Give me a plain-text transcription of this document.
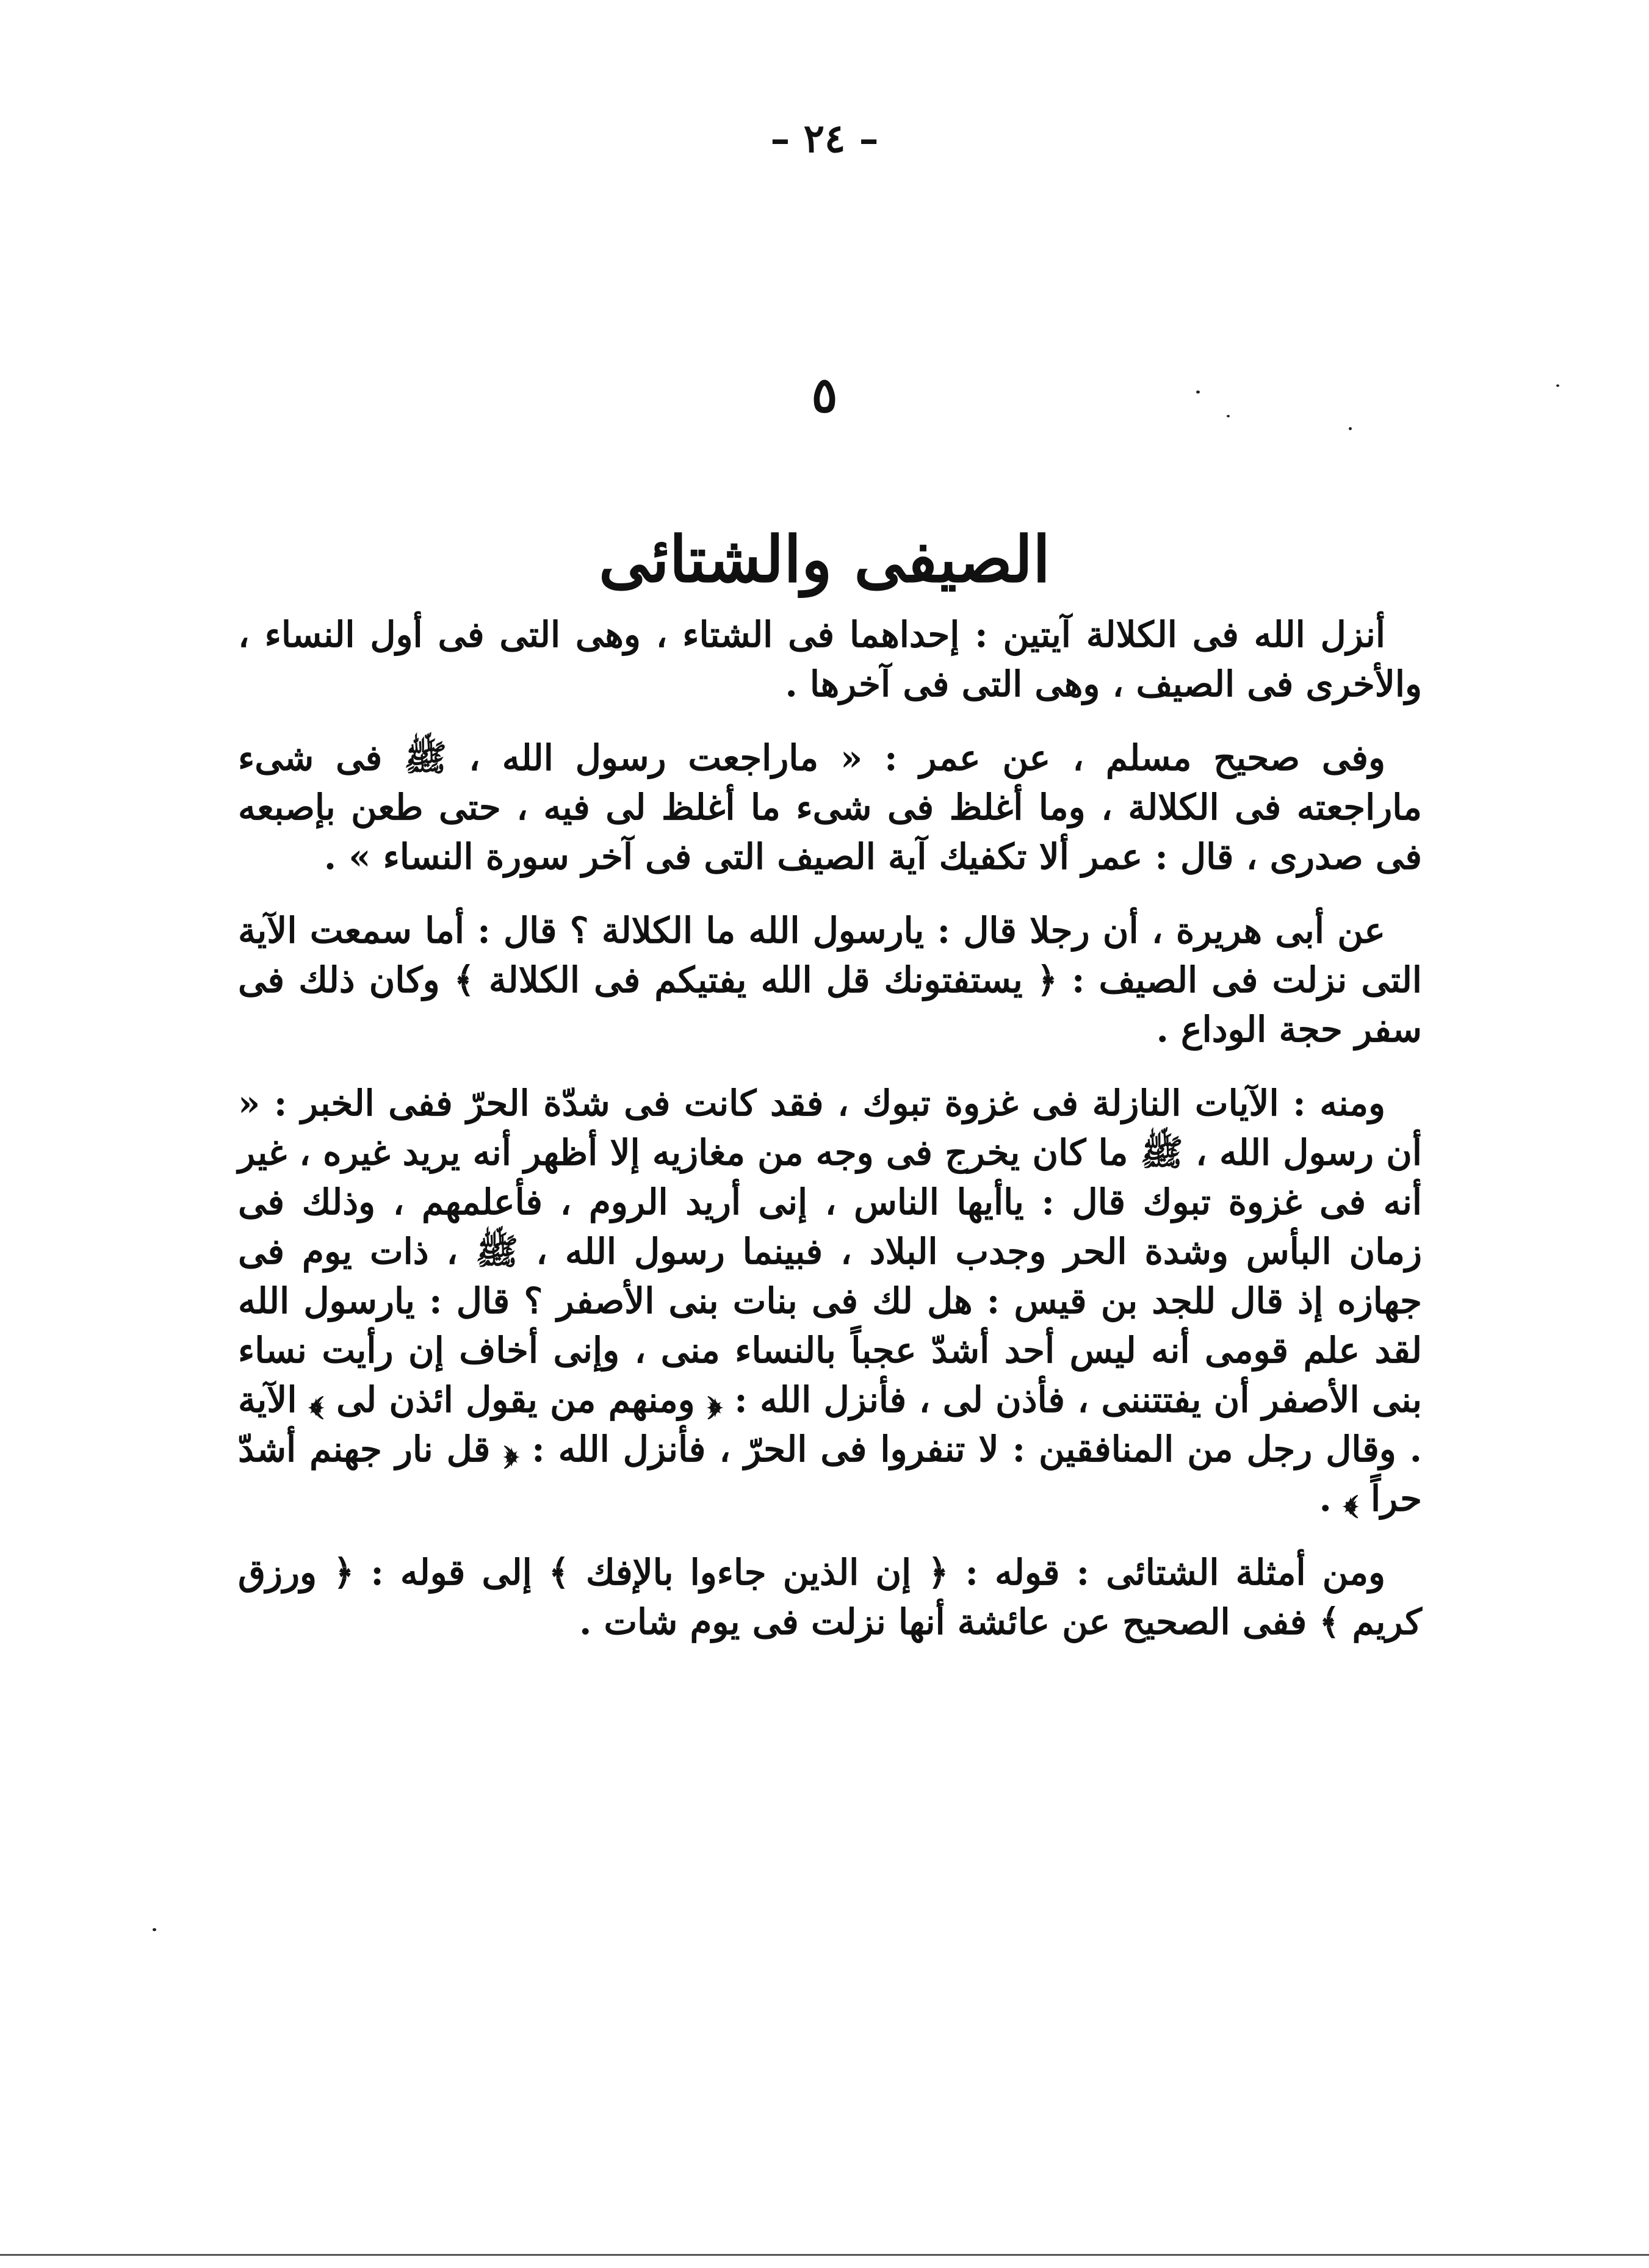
– ٢٤ –
٥
الصيفى والشتائى

أنزل الله فى الكلالة آيتين : إحداهما فى الشتاء ، وهى التى فى أول النساء ، والأخرى فى الصيف ، وهى التى فى آخرها .

وفى صحيح مسلم ، عن عمر : « ماراجعت رسول الله ، ﷺ فى شىء ماراجعته فى الكلالة ، وما أغلظ فى شىء ما أغلظ لى فيه ، حتى طعن بإصبعه فى صدرى ، قال : عمر ألا تكفيك آية الصيف التى فى آخر سورة النساء » .

عن أبى هريرة ، أن رجلا قال : يارسول الله ما الكلالة ؟ قال : أما سمعت الآية التى نزلت فى الصيف : ﴿ يستفتونك قل الله يفتيكم فى الكلالة ﴾ وكان ذلك فى سفر حجة الوداع .

ومنه : الآيات النازلة فى غزوة تبوك ، فقد كانت فى شدّة الحرّ ففى الخبر : « أن رسول الله ، ﷺ ما كان يخرج فى وجه من مغازيه إلا أظهر أنه يريد غيره ، غير أنه فى غزوة تبوك قال : ياأيها الناس ، إنى أريد الروم ، فأعلمهم ، وذلك فى زمان البأس وشدة الحر وجدب البلاد ، فبينما رسول الله ، ﷺ ، ذات يوم فى جهازه إذ قال للجد بن قيس : هل لك فى بنات بنى الأصفر ؟ قال : يارسول الله لقد علم قومى أنه ليس أحد أشدّ عجباً بالنساء منى ، وإنى أخاف إن رأيت نساء بنى الأصفر أن يفتتننى ، فأذن لى ، فأنزل الله : ﴿ ومنهم من يقول ائذن لى ﴾ الآية . وقال رجل من المنافقين : لا تنفروا فى الحرّ ، فأنزل الله : ﴿ قل نار جهنم أشدّ حراً ﴾ .

ومن أمثلة الشتائى : قوله : ﴿ إن الذين جاءوا بالإفك ﴾ إلى قوله : ﴿ ورزق كريم ﴾ ففى الصحيح عن عائشة أنها نزلت فى يوم شات .
